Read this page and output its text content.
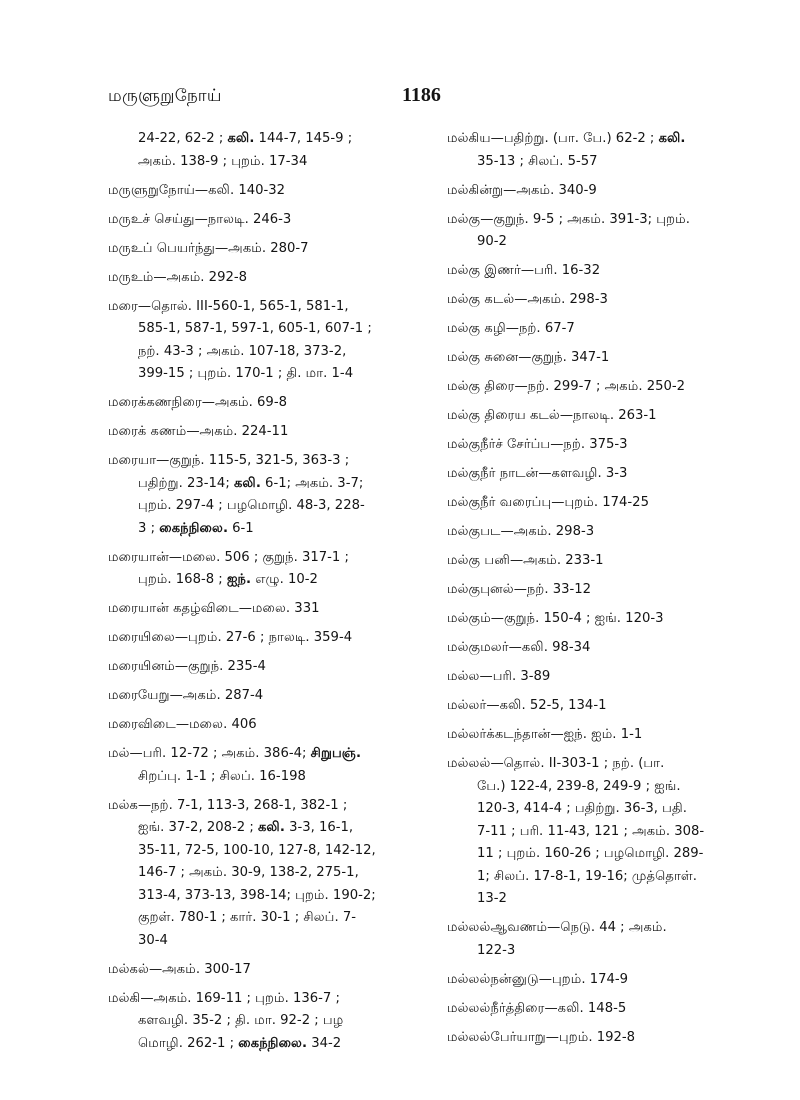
மருளுறுநோய்	1186
24-22, 62-2 ; கலி. 144-7, 145-9 ;
அகம். 138-9 ; புறம். 17-34
மருளுறுநோய்—கலி. 140-32
மருஉச் செய்து—நாலடி. 246-3
மருஉப் பெயர்ந்து—அகம். 280-7
மருஉம்—அகம். 292-8
மரை—தொல். III-560-1, 565-1, 581-1,
585-1, 587-1, 597-1, 605-1, 607-1 ;
நற். 43-3 ; அகம். 107-18, 373-2,
399-15 ; புறம். 170-1 ; தி. மா. 1-4
மரைக்கணநிரை—அகம். 69-8
மரைக் கணம்—அகம். 224-11
மரையா—குறுந். 115-5, 321-5, 363-3 ;
பதிற்று. 23-14; கலி. 6-1; அகம். 3-7;
புறம். 297-4 ; பழமொழி. 48-3, 228-
3 ; கைந்நிலை. 6-1
மரையான்—மலை. 506 ; குறுந். 317-1 ;
புறம். 168-8 ; ஐந். எழு. 10-2
மரையான் கதழ்விடை—மலை. 331
மரையிலை—புறம். 27-6 ; நாலடி. 359-4
மரையினம்—குறுந். 235-4
மரையேறு—அகம். 287-4
மரைவிடை—மலை. 406
மல்—பரி. 12-72 ; அகம். 386-4; சிறுபஞ்.
சிறப்பு. 1-1 ; சிலப். 16-198
மல்க—நற். 7-1, 113-3, 268-1, 382-1 ;
ஐங். 37-2, 208-2 ; கலி. 3-3, 16-1,
35-11, 72-5, 100-10, 127-8, 142-12,
146-7 ; அகம். 30-9, 138-2, 275-1,
313-4, 373-13, 398-14; புறம். 190-2;
குறள். 780-1 ; கார். 30-1 ; சிலப். 7-
30-4
மல்கல்—அகம். 300-17
மல்கி—அகம். 169-11 ; புறம். 136-7 ;
களவழி. 35-2 ; தி. மா. 92-2 ; பழ
மொழி. 262-1 ; கைந்நிலை. 34-2
மல்கிய—பதிற்று. (பா. பே.) 62-2 ; கலி.
35-13 ; சிலப். 5-57
மல்கின்று—அகம். 340-9
மல்கு—குறுந். 9-5 ; அகம். 391-3; புறம்.
90-2
மல்கு இணர்—பரி. 16-32
மல்கு கடல்—அகம். 298-3
மல்கு கழி—நற். 67-7
மல்கு சுனை—குறுந். 347-1
மல்கு திரை—நற். 299-7 ; அகம். 250-2
மல்கு திரைய கடல்—நாலடி. 263-1
மல்குநீர்ச் சேர்ப்ப—நற். 375-3
மல்குநீர் நாடன்—களவழி. 3-3
மல்குநீர் வரைப்பு—புறம். 174-25
மல்குபட—அகம். 298-3
மல்கு பனி—அகம். 233-1
மல்குபுனல்—நற். 33-12
மல்கும்—குறுந். 150-4 ; ஐங். 120-3
மல்குமலர்—கலி. 98-34
மல்ல—பரி. 3-89
மல்லர்—கலி. 52-5, 134-1
மல்லர்க்கடந்தான்—ஐந். ஐம். 1-1
மல்லல்—தொல். II-303-1 ; நற். (பா.
பே.) 122-4, 239-8, 249-9 ; ஐங்.
120-3, 414-4 ; பதிற்று. 36-3, பதி.
7-11 ; பரி. 11-43, 121 ; அகம். 308-
11 ; புறம். 160-26 ; பழமொழி. 289-
1; சிலப். 17-8-1, 19-16; முத்தொள்.
13-2
மல்லல்ஆவணம்—நெடு. 44 ; அகம்.
122-3
மல்லல்நன்னுடு—புறம். 174-9
மல்லல்நீர்த்திரை—கலி. 148-5
மல்லல்பேர்யாறு—புறம். 192-8
